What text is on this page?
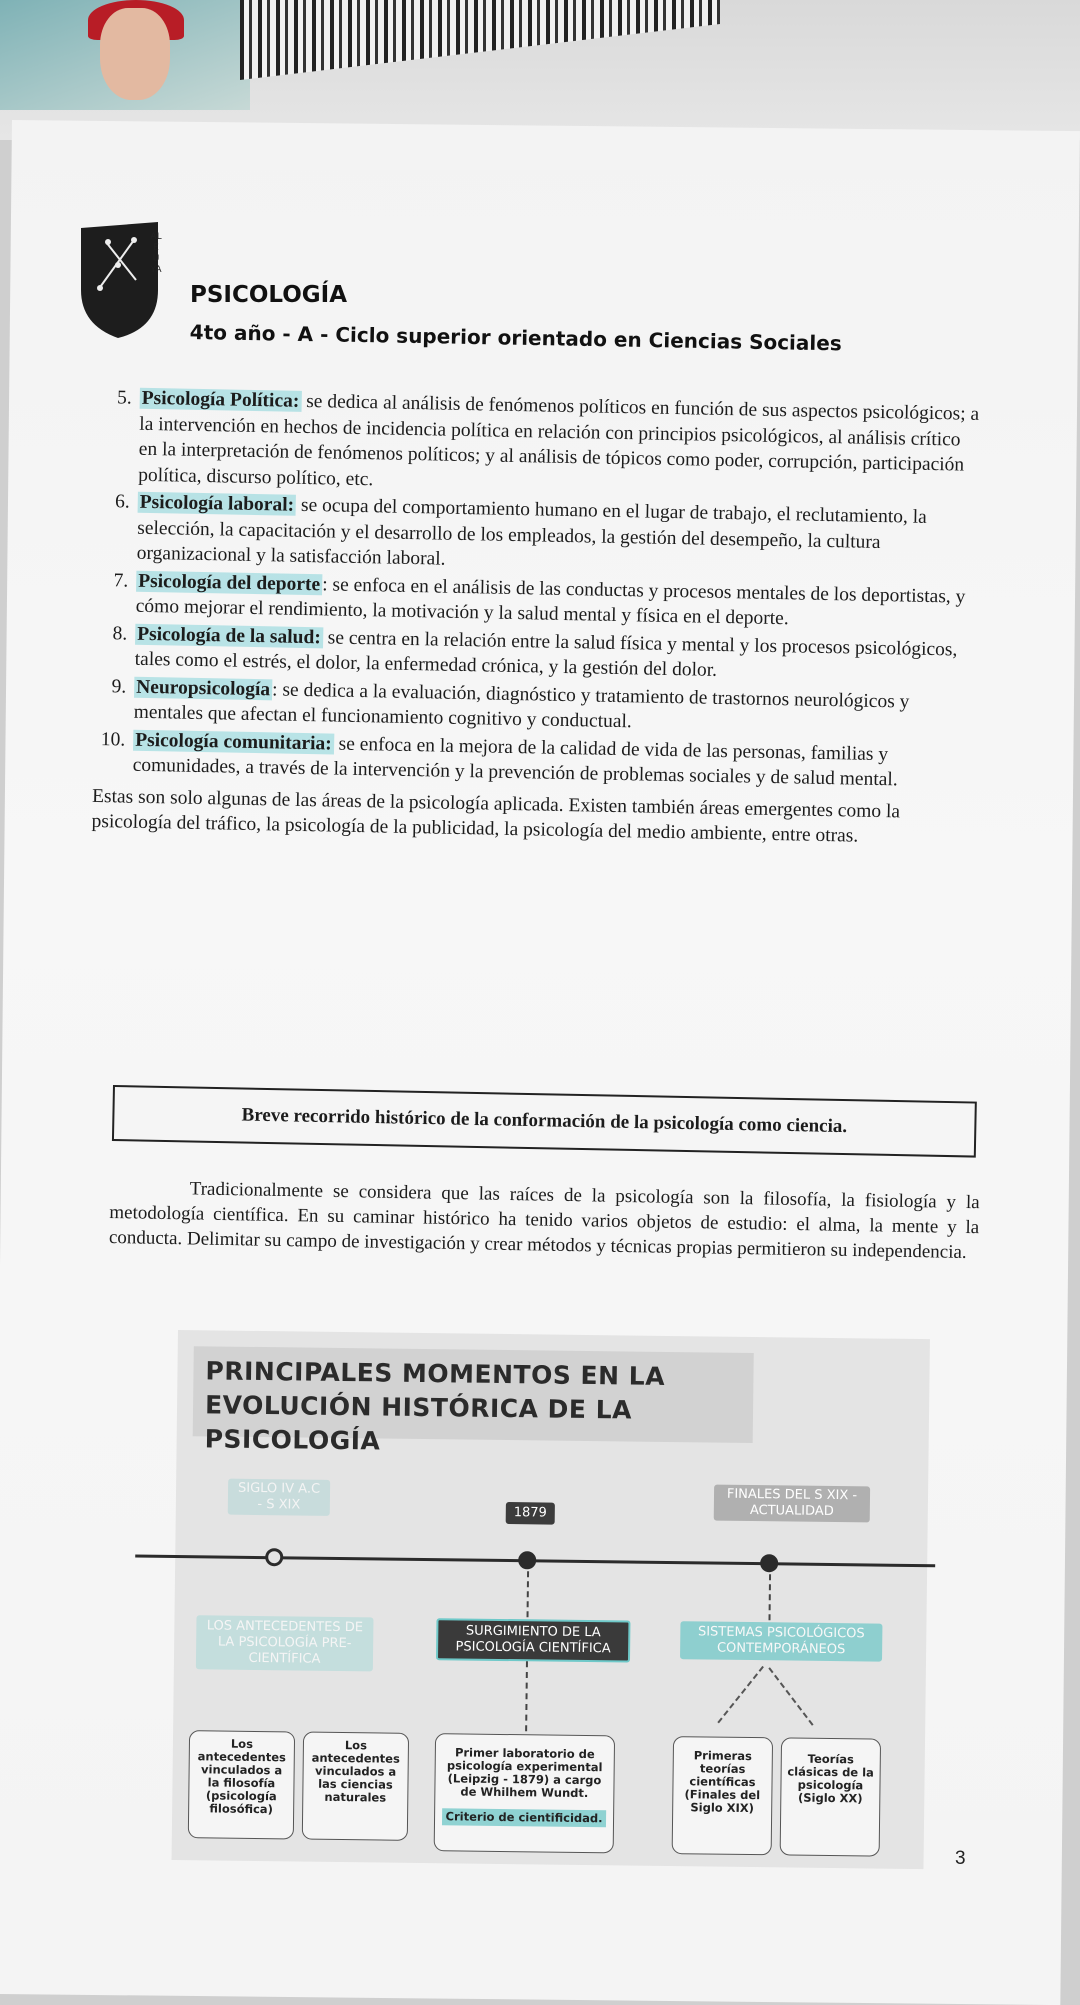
ALEUYA
PSICOLOGÍA
4to año - A - Ciclo superior orientado en Ciencias Sociales
5. Psicología Política: se dedica al análisis de fenómenos políticos en función de sus aspectos psicológicos; a la intervención en hechos de incidencia política en relación con principios psicológicos, al análisis crítico en la interpretación de fenómenos políticos; y al análisis de tópicos como poder, corrupción, participación política, discurso político, etc.
6. Psicología laboral: se ocupa del comportamiento humano en el lugar de trabajo, el reclutamiento, la selección, la capacitación y el desarrollo de los empleados, la gestión del desempeño, la cultura organizacional y la satisfacción laboral.
7. Psicología del deporte: se enfoca en el análisis de las conductas y procesos mentales de los deportistas, y cómo mejorar el rendimiento, la motivación y la salud mental y física en el deporte.
8. Psicología de la salud: se centra en la relación entre la salud física y mental y los procesos psicológicos, tales como el estrés, el dolor, la enfermedad crónica, y la gestión del dolor.
9. Neuropsicología: se dedica a la evaluación, diagnóstico y tratamiento de trastornos neurológicos y mentales que afectan el funcionamiento cognitivo y conductual.
10. Psicología comunitaria: se enfoca en la mejora de la calidad de vida de las personas, familias y comunidades, a través de la intervención y la prevención de problemas sociales y de salud mental.
Estas son solo algunas de las áreas de la psicología aplicada. Existen también áreas emergentes como la psicología del tráfico, la psicología de la publicidad, la psicología del medio ambiente, entre otras.
Breve recorrido histórico de la conformación de la psicología como ciencia.
Tradicionalmente se considera que las raíces de la psicología son la filosofía, la fisiología y la metodología científica. En su caminar histórico ha tenido varios objetos de estudio: el alma, la mente y la conducta. Delimitar su campo de investigación y crear métodos y técnicas propias permitieron su independencia.
PRINCIPALES MOMENTOS EN LA
EVOLUCIÓN HISTÓRICA DE LA PSICOLOGÍA
SIGLO IV A.C - S XIX
1879
FINALES DEL S XIX - ACTUALIDAD
LOS ANTECEDENTES DE LA PSICOLOGÍA PRE-CIENTÍFICA
SURGIMIENTO DE LA PSICOLOGÍA CIENTÍFICA
SISTEMAS PSICOLÓGICOS CONTEMPORÁNEOS
Los antecedentes vinculados a la filosofía (psicología filosófica)
Los antecedentes vinculados a las ciencias naturales
Primer laboratorio de psicología experimental (Leipzig - 1879) a cargo de Whilhem Wundt.
Criterio de cientificidad.
Primeras teorías científicas (Finales del Siglo XIX)
Teorías clásicas de la psicología (Siglo XX)
3
